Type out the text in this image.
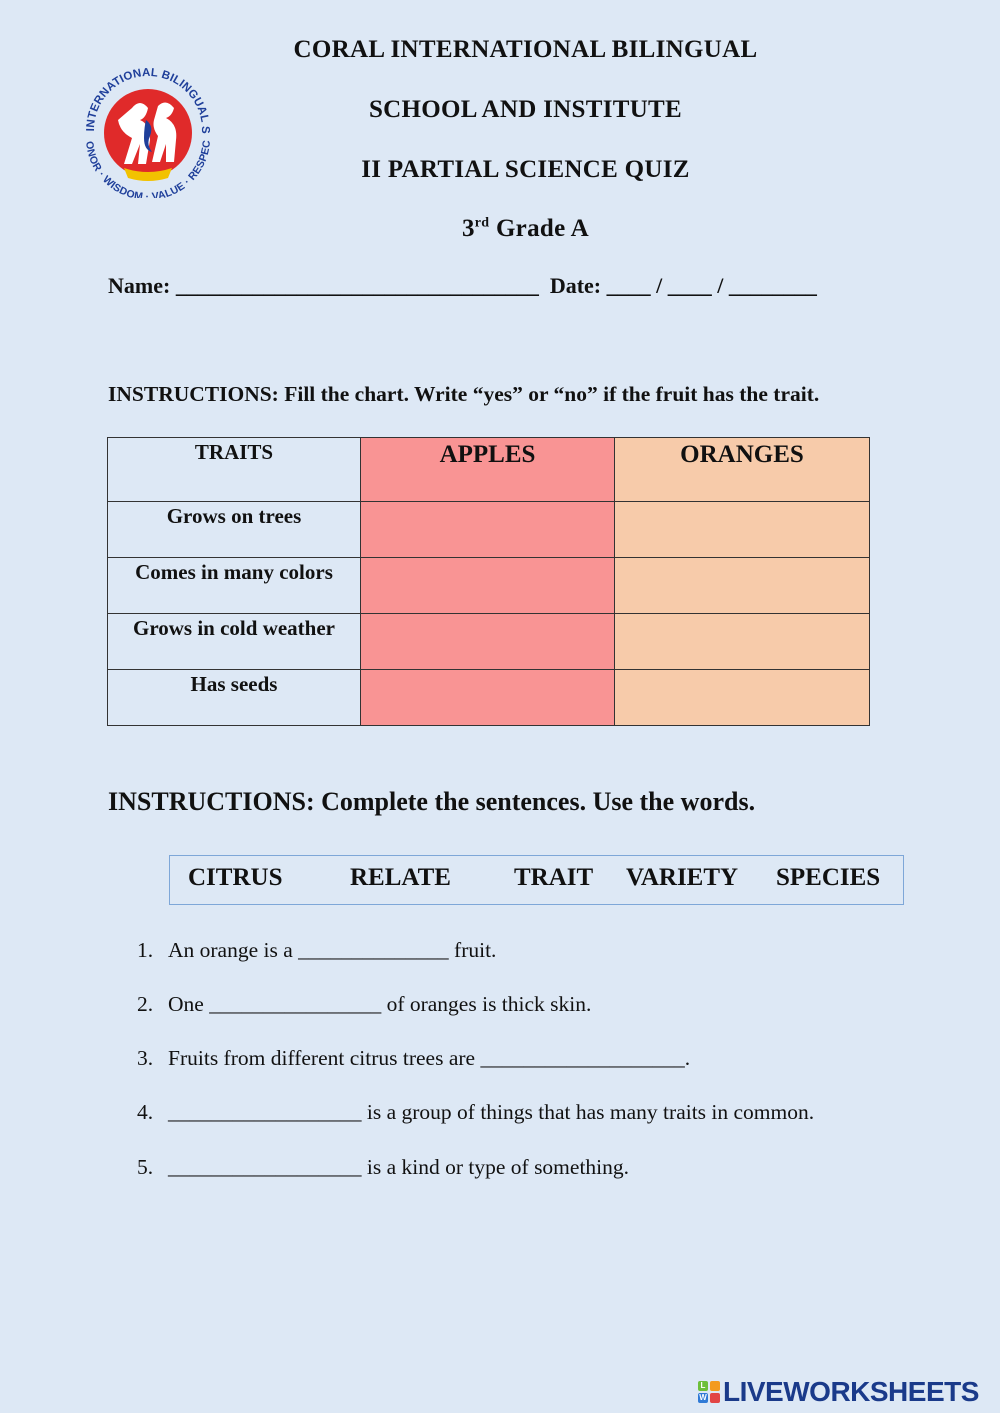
INTERNATIONAL BILINGUAL S
ONOR · WISDOM · VALUE · RESPEC
CORAL INTERNATIONAL BILINGUAL
SCHOOL AND INSTITUTE
II PARTIAL SCIENCE QUIZ
3rd Grade A
Name: _________________________________ Date: ____ / ____ / ________
INSTRUCTIONS: Fill the chart. Write “yes” or “no” if the fruit has the trait.
TRAITS	APPLES	ORANGES
Grows on trees		
Comes in many colors		
Grows in cold weather		
Has seeds		
INSTRUCTIONS: Complete the sentences. Use the words.
CITRUS	RELATE	TRAIT VARIETY SPECIES
1. An orange is a ______________ fruit.
2. One ________________ of oranges is thick skin.
3. Fruits from different citrus trees are ___________________.
4. __________________ is a group of things that has many traits in common.
5. __________________ is a kind or type of something.
L
W LIVEWORKSHEETS
